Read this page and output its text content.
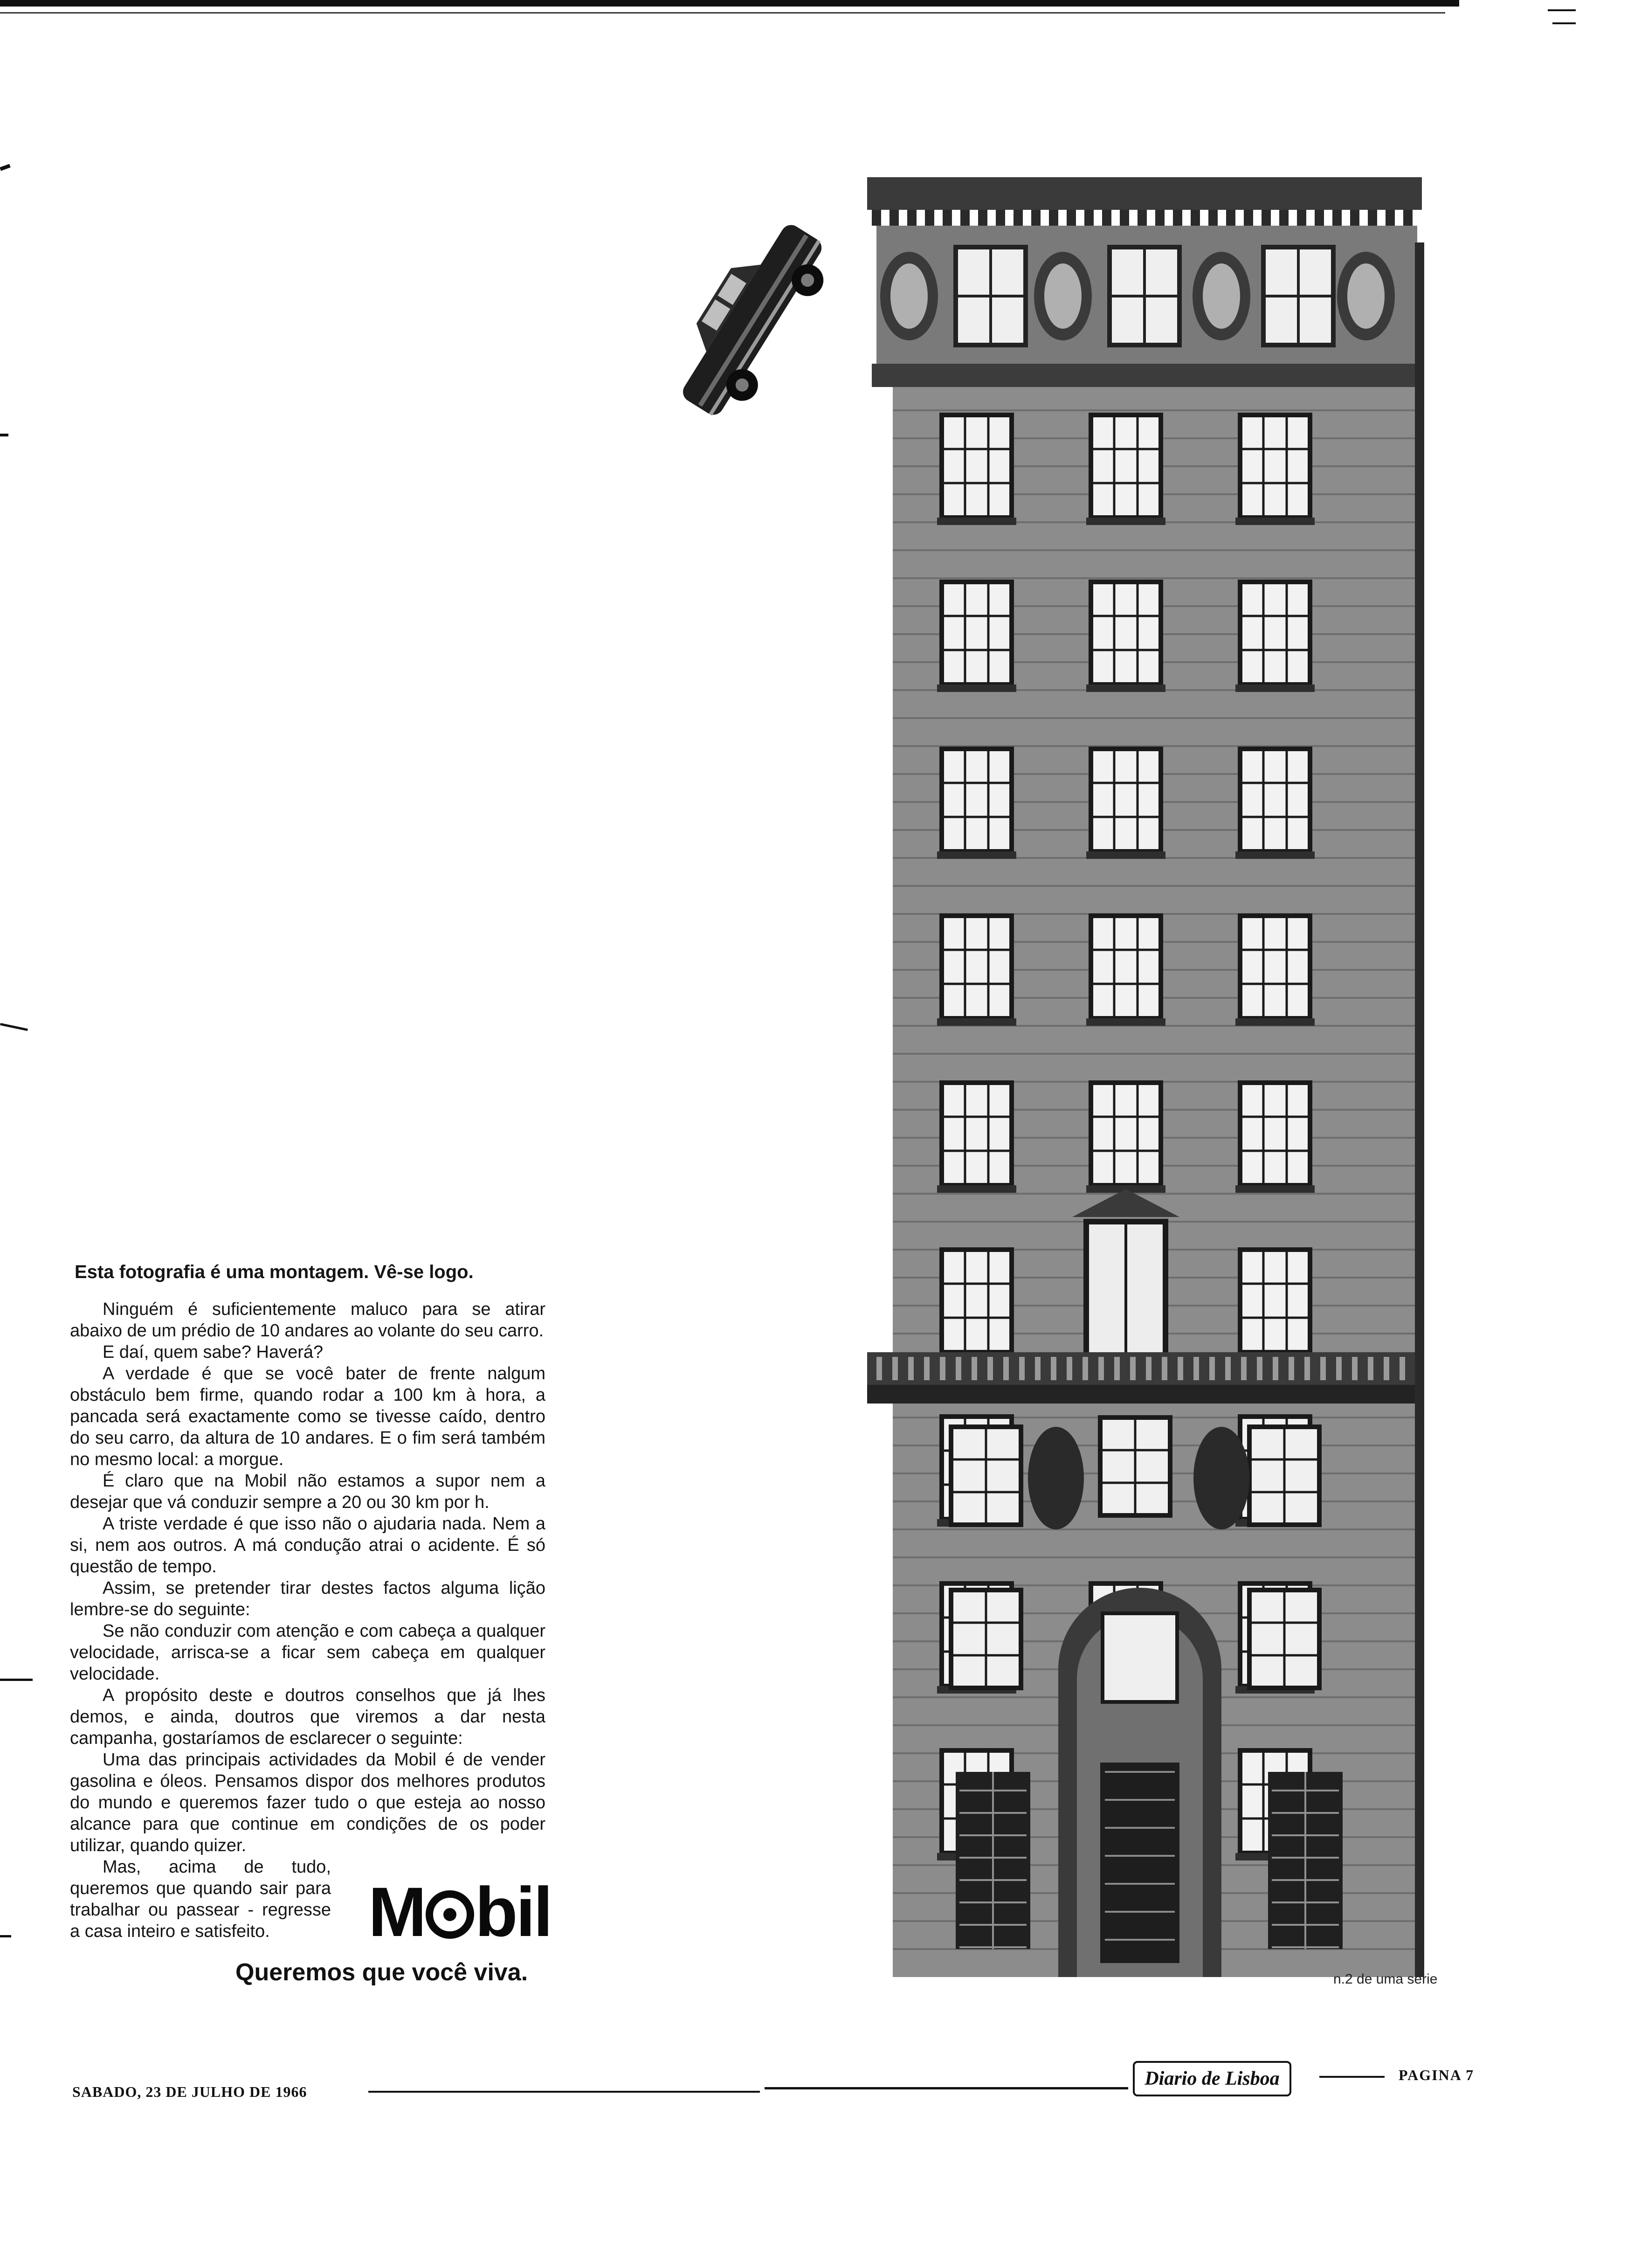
Esta fotografia é uma montagem. Vê-se logo.

Ninguém é suficientemente maluco para se atirar abaixo de um prédio de 10 andares ao volante do seu carro.

E daí, quem sabe? Haverá?

A verdade é que se você bater de frente nalgum obstáculo bem firme, quando rodar a 100 km à hora, a pancada será exactamente como se tivesse caído, dentro do seu carro, da altura de 10 andares. E o fim será também no mesmo local: a morgue.

É claro que na Mobil não estamos a supor nem a desejar que vá conduzir sempre a 20 ou 30 km por h.

A triste verdade é que isso não o ajudaria nada. Nem a si, nem aos outros. A má condução atrai o acidente. É só questão de tempo.

Assim, se pretender tirar destes factos alguma lição lembre-se do seguinte:

Se não conduzir com atenção e com cabeça a qualquer velocidade, arrisca-se a ficar sem cabeça em qualquer velocidade.

A propósito deste e doutros conselhos que já lhes demos, e ainda, doutros que viremos a dar nesta campanha, gostaríamos de esclarecer o seguinte:

Uma das principais actividades da Mobil é de vender gasolina e óleos. Pensamos dispor dos melhores produtos do mundo e queremos fazer tudo o que esteja ao nosso alcance para que continue em condições de os poder utilizar, quando quizer.

Mas, acima de tudo, queremos que quando sair para trabalhar ou passear - regresse a casa inteiro e satisfeito.	M bil
Queremos que você viva.	n.2 de uma série
SABADO, 23 DE JULHO DE 1966
Diario de Lisboa	PAGINA 7
